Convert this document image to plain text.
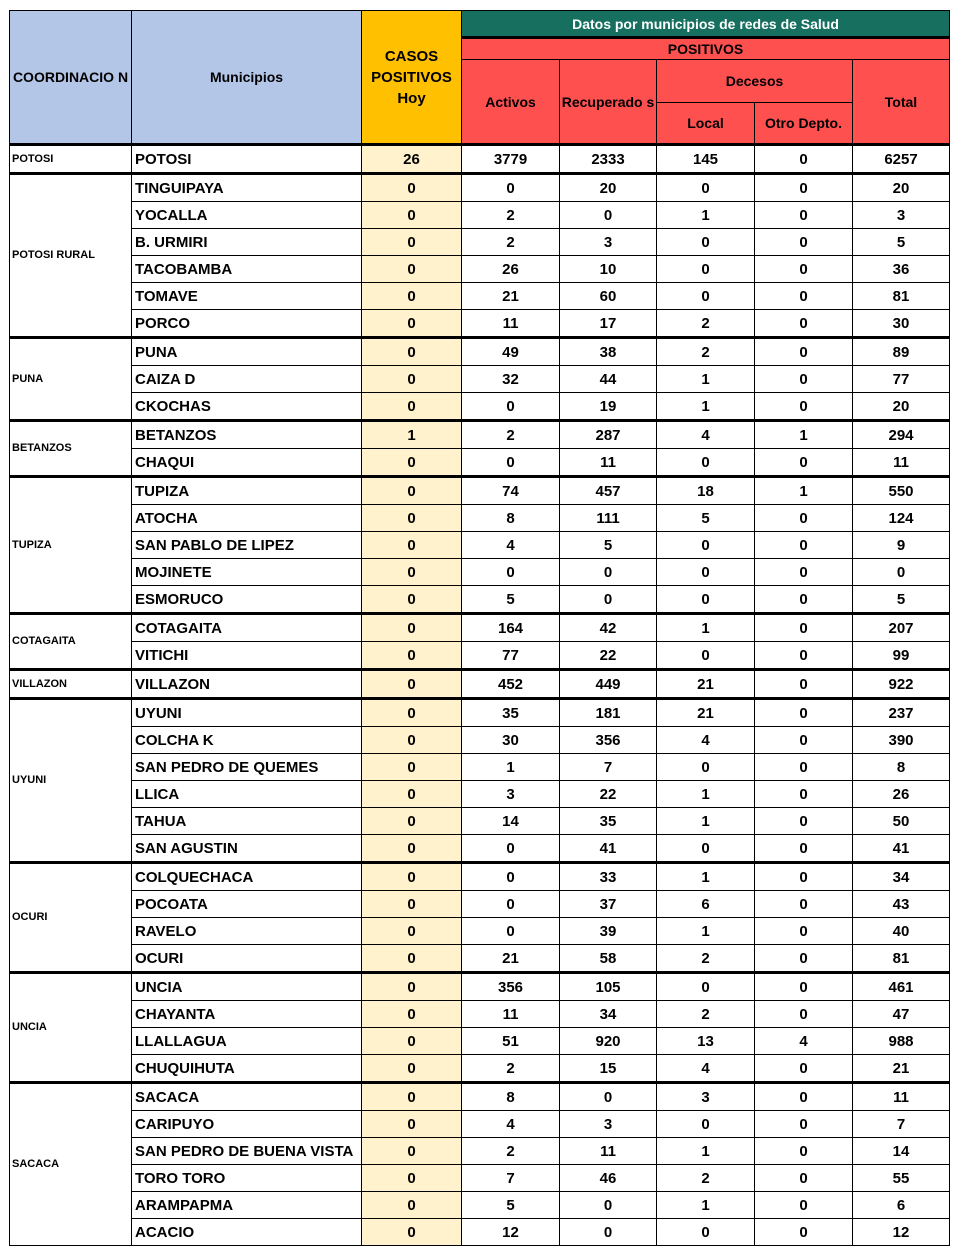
COORDINACIO N	Municipios	CASOS POSITIVOS Hoy	Datos por municipios de redes de Salud				
			POSITIVOS				
			Activos	Recuperado s	Decesos		Total
					Local	Otro Depto.	
POTOSI	POTOSI	26	3779	2333	145	0	6257
POTOSI RURAL	TINGUIPAYA	0	0	20	0	0	20
	YOCALLA	0	2	0	1	0	3
	B. URMIRI	0	2	3	0	0	5
	TACOBAMBA	0	26	10	0	0	36
	TOMAVE	0	21	60	0	0	81
	PORCO	0	11	17	2	0	30
PUNA	PUNA	0	49	38	2	0	89
	CAIZA D	0	32	44	1	0	77
	CKOCHAS	0	0	19	1	0	20
BETANZOS	BETANZOS	1	2	287	4	1	294
	CHAQUI	0	0	11	0	0	11
TUPIZA	TUPIZA	0	74	457	18	1	550
	ATOCHA	0	8	111	5	0	124
	SAN PABLO DE LIPEZ	0	4	5	0	0	9
	MOJINETE	0	0	0	0	0	0
	ESMORUCO	0	5	0	0	0	5
COTAGAITA	COTAGAITA	0	164	42	1	0	207
	VITICHI	0	77	22	0	0	99
VILLAZON	VILLAZON	0	452	449	21	0	922
UYUNI	UYUNI	0	35	181	21	0	237
	COLCHA K	0	30	356	4	0	390
	SAN PEDRO DE QUEMES	0	1	7	0	0	8
	LLICA	0	3	22	1	0	26
	TAHUA	0	14	35	1	0	50
	SAN AGUSTIN	0	0	41	0	0	41
OCURI	COLQUECHACA	0	0	33	1	0	34
	POCOATA	0	0	37	6	0	43
	RAVELO	0	0	39	1	0	40
	OCURI	0	21	58	2	0	81
UNCIA	UNCIA	0	356	105	0	0	461
	CHAYANTA	0	11	34	2	0	47
	LLALLAGUA	0	51	920	13	4	988
	CHUQUIHUTA	0	2	15	4	0	21
SACACA	SACACA	0	8	0	3	0	11
	CARIPUYO	0	4	3	0	0	7
	SAN PEDRO DE BUENA VISTA	0	2	11	1	0	14
	TORO TORO	0	7	46	2	0	55
	ARAMPAPMA	0	5	0	1	0	6
	ACACIO	0	12	0	0	0	12
